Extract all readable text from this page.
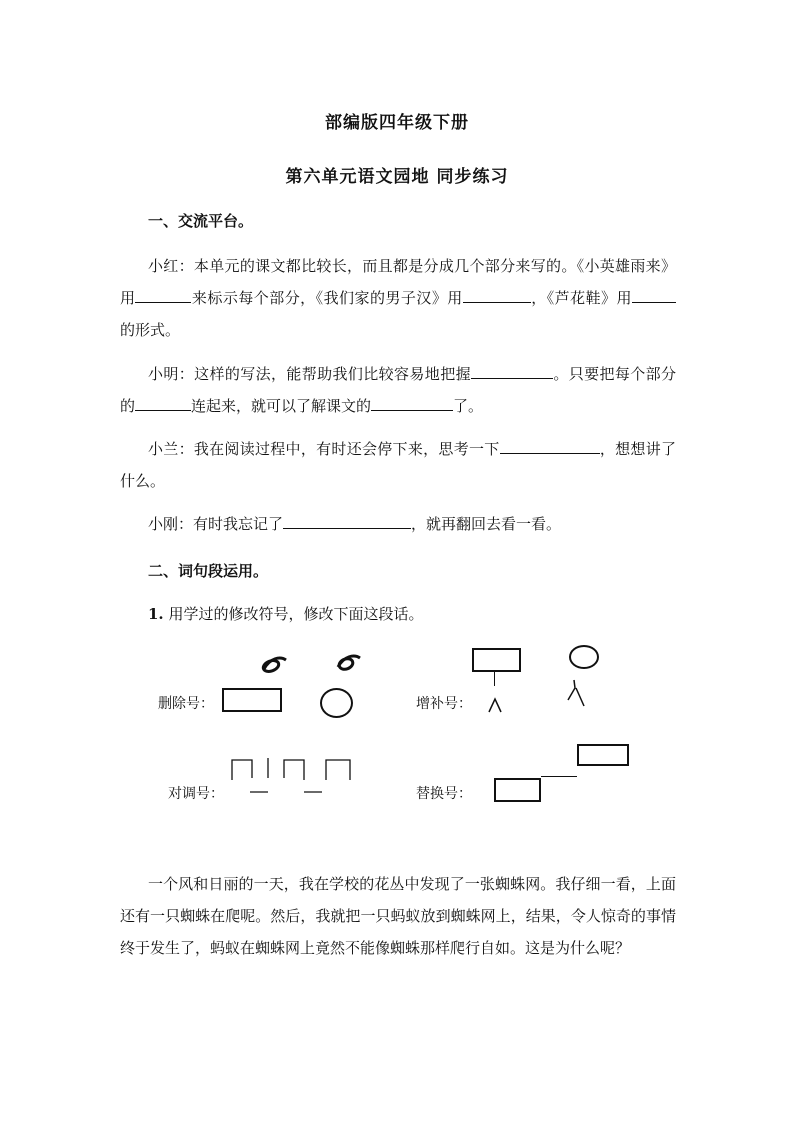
部编版四年级下册
第六单元语文园地 同步练习
一、交流平台。
小红：本单元的课文都比较长，而且都是分成几个部分来写的。《小英雄雨来》用	来标示每个部分，《我们家的男子汉》用	，《芦花鞋》用的形式。
小明：这样的写法，能帮助我们比较容易地把握	。只要把每个部分的	连起来，就可以了解课文的	了。
小兰：我在阅读过程中，有时还会停下来，思考一下	，想想讲了什么。
小刚：有时我忘记了	，就再翻回去看一看。
二、词句段运用。
1. 用学过的修改符号，修改下面这段话。
删除号：	增补号：
对调号：	替换号：
一个风和日丽的一天，我在学校的花丛中发现了一张蜘蛛网。我仔细一看，上面还有一只蜘蛛在爬呢。然后，我就把一只蚂蚁放到蜘蛛网上，结果，令人惊奇的事情终于发生了，蚂蚁在蜘蛛网上竟然不能像蜘蛛那样爬行自如。这是为什么呢？
